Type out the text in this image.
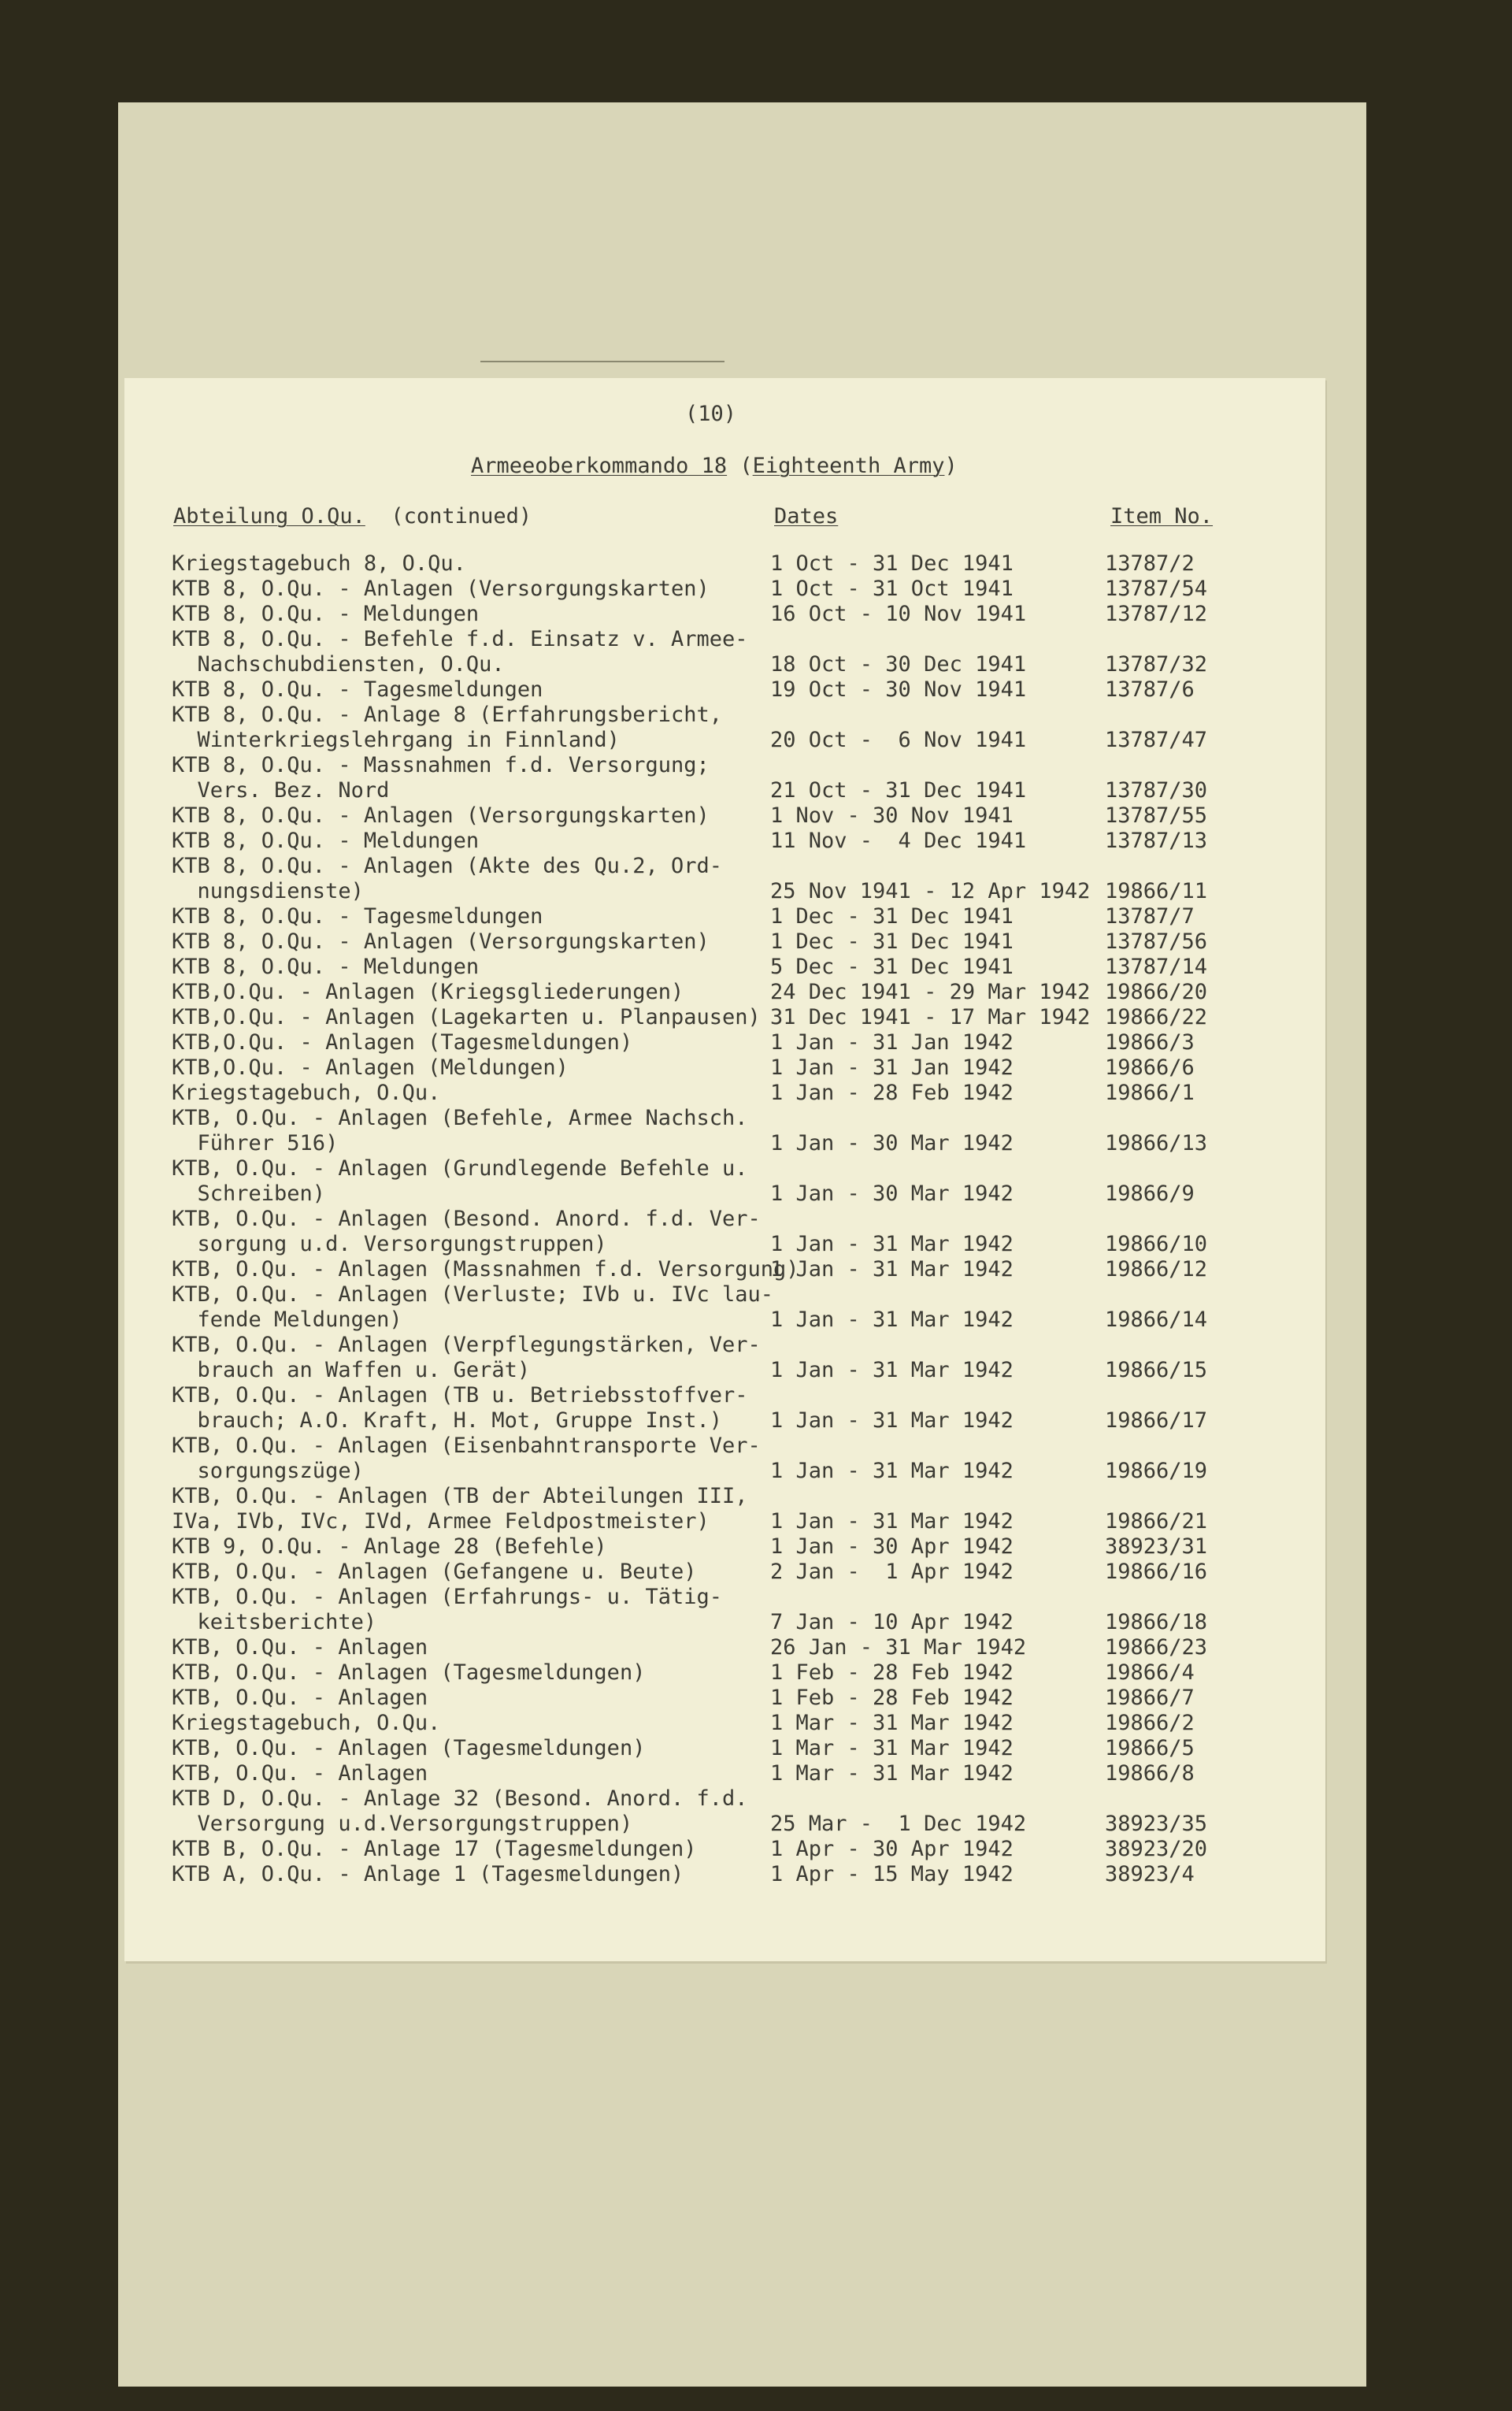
(10)
Armeeoberkommando 18 (Eighteenth Army)
Abteilung O.Qu. (continued)	Dates	Item No.
Kriegstagebuch 8, O.Qu.	1 Oct - 31 Dec 1941	13787/2
KTB 8, O.Qu. - Anlagen (Versorgungskarten)	1 Oct - 31 Oct 1941	13787/54
KTB 8, O.Qu. - Meldungen	16 Oct - 10 Nov 1941	13787/12
KTB 8, O.Qu. - Befehle f.d. Einsatz v. Armee-
Nachschubdiensten, O.Qu.	18 Oct - 30 Dec 1941	13787/32
KTB 8, O.Qu. - Tagesmeldungen	19 Oct - 30 Nov 1941	13787/6
KTB 8, O.Qu. - Anlage 8 (Erfahrungsbericht,
Winterkriegslehrgang in Finnland)	20 Oct -  6 Nov 1941	13787/47
KTB 8, O.Qu. - Massnahmen f.d. Versorgung;
Vers. Bez. Nord	21 Oct - 31 Dec 1941	13787/30
KTB 8, O.Qu. - Anlagen (Versorgungskarten)	1 Nov - 30 Nov 1941	13787/55
KTB 8, O.Qu. - Meldungen	11 Nov -  4 Dec 1941	13787/13
KTB 8, O.Qu. - Anlagen (Akte des Qu.2, Ord-
nungsdienste)	25 Nov 1941 - 12 Apr 1942 19866/11
KTB 8, O.Qu. - Tagesmeldungen	1 Dec - 31 Dec 1941	13787/7
KTB 8, O.Qu. - Anlagen (Versorgungskarten)	1 Dec - 31 Dec 1941	13787/56
KTB 8, O.Qu. - Meldungen	5 Dec - 31 Dec 1941	13787/14
KTB,O.Qu. - Anlagen (Kriegsgliederungen)	24 Dec 1941 - 29 Mar 1942 19866/20
KTB,O.Qu. - Anlagen (Lagekarten u. Planpausen) 31 Dec 1941 - 17 Mar 1942 19866/22
KTB,O.Qu. - Anlagen (Tagesmeldungen)	1 Jan - 31 Jan 1942	19866/3
KTB,O.Qu. - Anlagen (Meldungen)	1 Jan - 31 Jan 1942	19866/6
Kriegstagebuch, O.Qu.	1 Jan - 28 Feb 1942	19866/1
KTB, O.Qu. - Anlagen (Befehle, Armee Nachsch.
Führer 516)	1 Jan - 30 Mar 1942	19866/13
KTB, O.Qu. - Anlagen (Grundlegende Befehle u.
Schreiben)	1 Jan - 30 Mar 1942	19866/9
KTB, O.Qu. - Anlagen (Besond. Anord. f.d. Ver-
sorgung u.d. Versorgungstruppen)	1 Jan - 31 Mar 1942	19866/10
KTB, O.Qu. - Anlagen (Massnahmen f.d. Versorgung)
1 Jan - 31 Mar 1942	19866/12
KTB, O.Qu. - Anlagen (Verluste; IVb u. IVc lau-
fende Meldungen)	1 Jan - 31 Mar 1942	19866/14
KTB, O.Qu. - Anlagen (Verpflegungstärken, Ver-
brauch an Waffen u. Gerät)	1 Jan - 31 Mar 1942	19866/15
KTB, O.Qu. - Anlagen (TB u. Betriebsstoffver-
brauch; A.O. Kraft, H. Mot, Gruppe Inst.)	1 Jan - 31 Mar 1942	19866/17
KTB, O.Qu. - Anlagen (Eisenbahntransporte Ver-
sorgungszüge)	1 Jan - 31 Mar 1942	19866/19
KTB, O.Qu. - Anlagen (TB der Abteilungen III,
IVa, IVb, IVc, IVd, Armee Feldpostmeister)	1 Jan - 31 Mar 1942	19866/21
KTB 9, O.Qu. - Anlage 28 (Befehle)	1 Jan - 30 Apr 1942	38923/31
KTB, O.Qu. - Anlagen (Gefangene u. Beute)	2 Jan -  1 Apr 1942	19866/16
KTB, O.Qu. - Anlagen (Erfahrungs- u. Tätig-
keitsberichte)	7 Jan - 10 Apr 1942	19866/18
KTB, O.Qu. - Anlagen	26 Jan - 31 Mar 1942	19866/23
KTB, O.Qu. - Anlagen (Tagesmeldungen)	1 Feb - 28 Feb 1942	19866/4
KTB, O.Qu. - Anlagen	1 Feb - 28 Feb 1942	19866/7
Kriegstagebuch, O.Qu.	1 Mar - 31 Mar 1942	19866/2
KTB, O.Qu. - Anlagen (Tagesmeldungen)	1 Mar - 31 Mar 1942	19866/5
KTB, O.Qu. - Anlagen	1 Mar - 31 Mar 1942	19866/8
KTB D, O.Qu. - Anlage 32 (Besond. Anord. f.d.
Versorgung u.d.Versorgungstruppen)	25 Mar -  1 Dec 1942	38923/35
KTB B, O.Qu. - Anlage 17 (Tagesmeldungen)	1 Apr - 30 Apr 1942	38923/20
KTB A, O.Qu. - Anlage 1 (Tagesmeldungen)	1 Apr - 15 May 1942	38923/4
